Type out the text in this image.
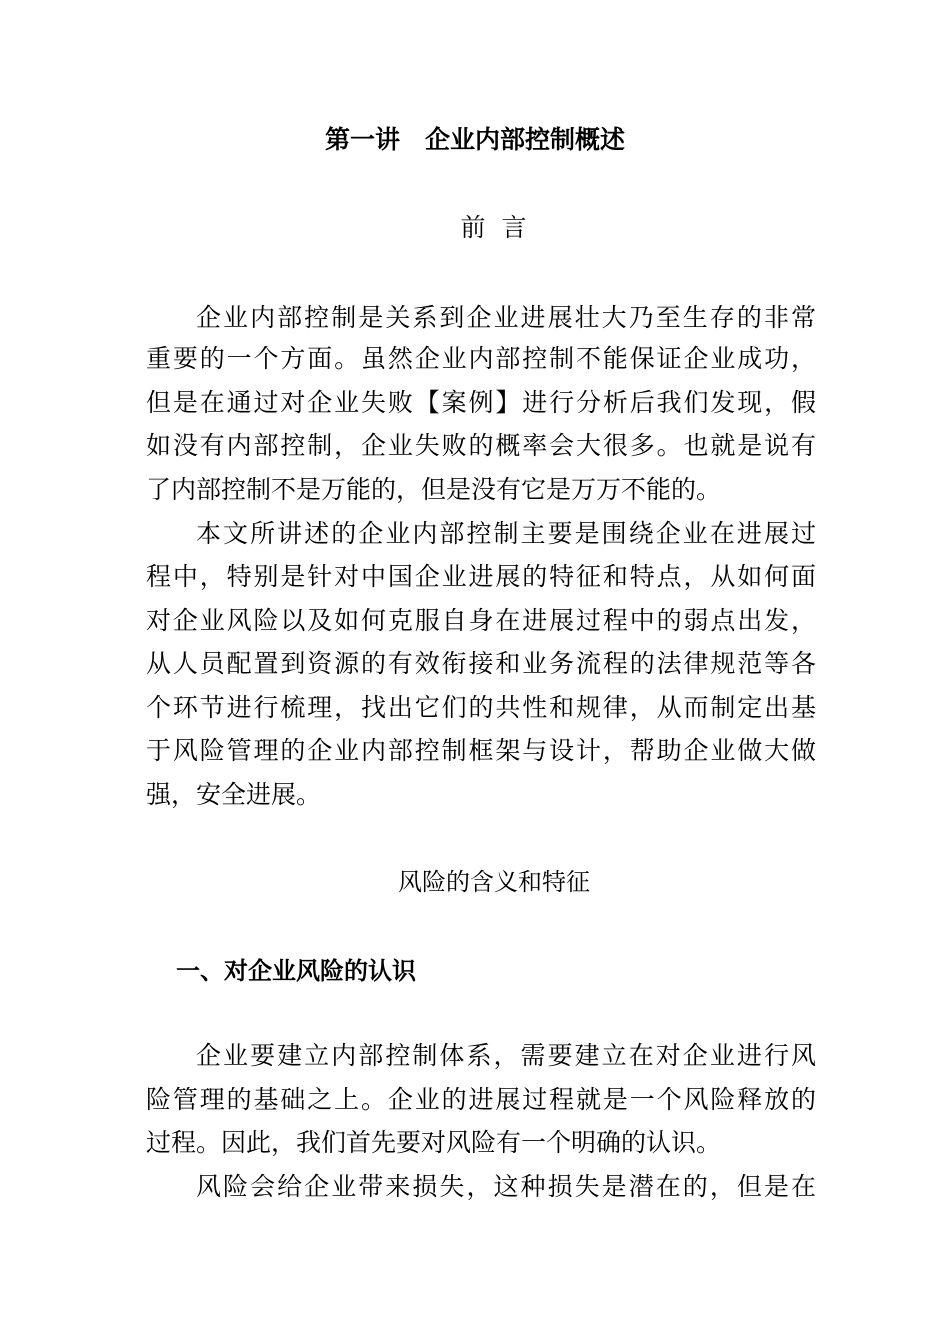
第一讲　企业内部控制概述
前  言
企业内部控制是关系到企业进展壮大乃至生存的非常
重要的一个方面。虽然企业内部控制不能保证企业成功，
但是在通过对企业失败【案例】进行分析后我们发现，假
如没有内部控制，企业失败的概率会大很多。也就是说有
了内部控制不是万能的，但是没有它是万万不能的。
本文所讲述的企业内部控制主要是围绕企业在进展过
程中，特别是针对中国企业进展的特征和特点，从如何面
对企业风险以及如何克服自身在进展过程中的弱点出发，
从人员配置到资源的有效衔接和业务流程的法律规范等各
个环节进行梳理，找出它们的共性和规律，从而制定出基
于风险管理的企业内部控制框架与设计，帮助企业做大做
强，安全进展。
风险的含义和特征
一、对企业风险的认识
企业要建立内部控制体系，需要建立在对企业进行风
险管理的基础之上。企业的进展过程就是一个风险释放的
过程。因此，我们首先要对风险有一个明确的认识。
风险会给企业带来损失，这种损失是潜在的，但是在
